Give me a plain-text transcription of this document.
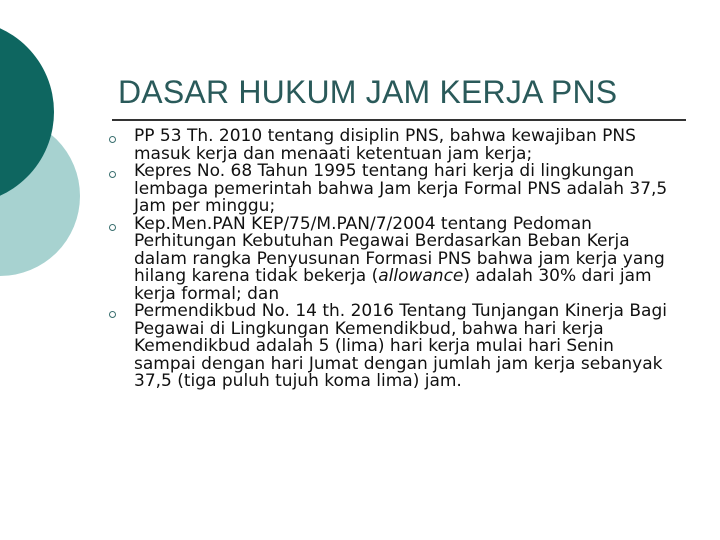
DASAR HUKUM JAM KERJA PNS
PP 53 Th. 2010 tentang disiplin PNS, bahwa kewajiban PNS masuk kerja dan menaati ketentuan jam kerja;
Kepres No. 68 Tahun 1995 tentang hari kerja di lingkungan lembaga pemerintah bahwa Jam kerja Formal PNS adalah 37,5 Jam per minggu;
Kep.Men.PAN KEP/75/M.PAN/7/2004 tentang Pedoman Perhitungan Kebutuhan Pegawai Berdasarkan Beban Kerja dalam rangka Penyusunan Formasi PNS bahwa jam kerja yang hilang karena tidak bekerja (allowance) adalah 30% dari jam kerja formal; dan
Permendikbud No. 14 th. 2016 Tentang Tunjangan Kinerja Bagi Pegawai di Lingkungan Kemendikbud, bahwa hari kerja Kemendikbud adalah 5 (lima) hari kerja mulai hari Senin sampai dengan hari Jumat dengan jumlah jam kerja sebanyak 37,5 (tiga puluh tujuh koma lima) jam.
